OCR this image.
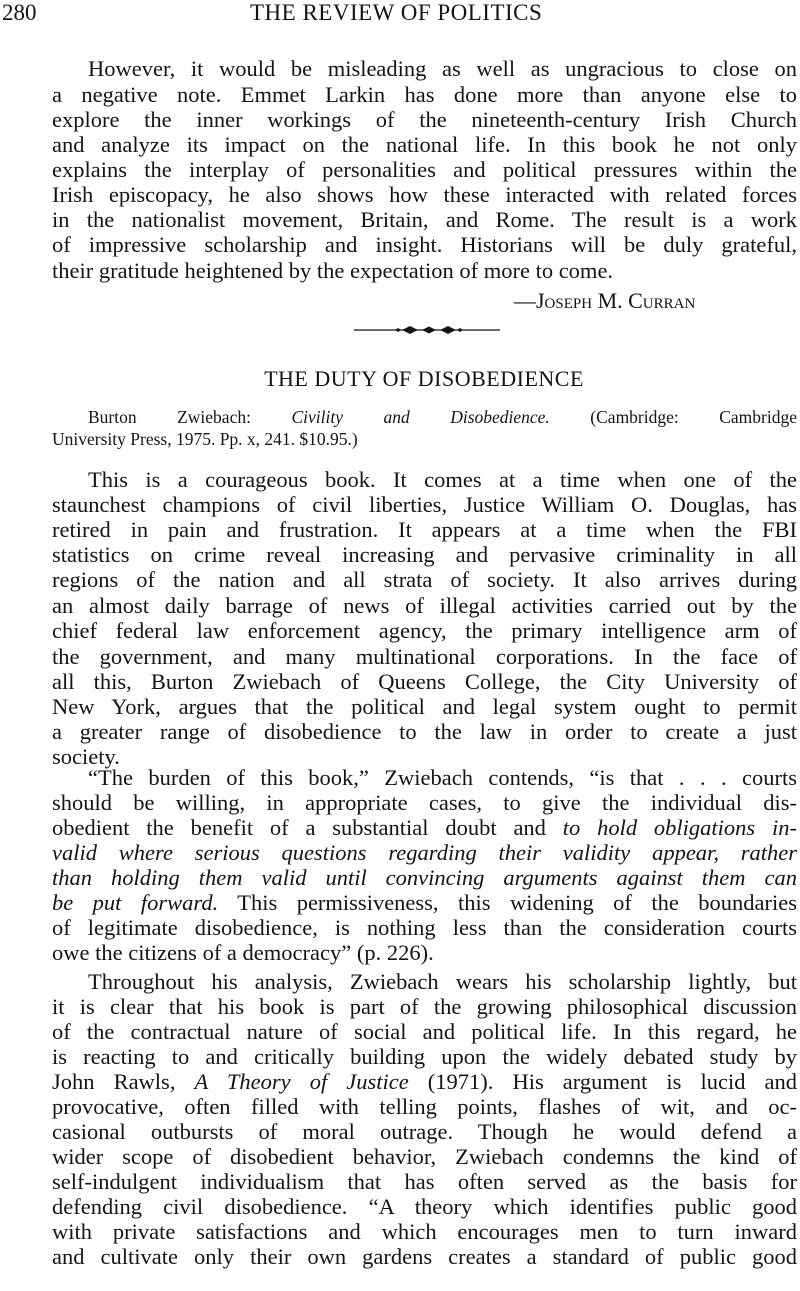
280	THE REVIEW OF POLITICS
However, it would be misleading as well as ungracious to close on
a negative note. Emmet Larkin has done more than anyone else to
explore the inner workings of the nineteenth-century Irish Church
and analyze its impact on the national life. In this book he not only
explains the interplay of personalities and political pressures within the
Irish episcopacy, he also shows how these interacted with related forces
in the nationalist movement, Britain, and Rome. The result is a work
of impressive scholarship and insight. Historians will be duly grateful,
their gratitude heightened by the expectation of more to come.
—Joseph M. Curran
THE DUTY OF DISOBEDIENCE
Burton Zwiebach: Civility and Disobedience. (Cambridge: Cambridge
University Press, 1975. Pp. x, 241. $10.95.)
This is a courageous book. It comes at a time when one of the
staunchest champions of civil liberties, Justice William O. Douglas, has
retired in pain and frustration. It appears at a time when the FBI
statistics on crime reveal increasing and pervasive criminality in all
regions of the nation and all strata of society. It also arrives during
an almost daily barrage of news of illegal activities carried out by the
chief federal law enforcement agency, the primary intelligence arm of
the government, and many multinational corporations. In the face of
all this, Burton Zwiebach of Queens College, the City University of
New York, argues that the political and legal system ought to permit
a greater range of disobedience to the law in order to create a just
society.
“The burden of this book,” Zwiebach contends, “is that . . . courts
should be willing, in appropriate cases, to give the individual dis-
obedient the benefit of a substantial doubt and to hold obligations in-
valid where serious questions regarding their validity appear, rather
than holding them valid until convincing arguments against them can
be put forward. This permissiveness, this widening of the boundaries
of legitimate disobedience, is nothing less than the consideration courts
owe the citizens of a democracy” (p. 226).
Throughout his analysis, Zwiebach wears his scholarship lightly, but
it is clear that his book is part of the growing philosophical discussion
of the contractual nature of social and political life. In this regard, he
is reacting to and critically building upon the widely debated study by
John Rawls, A Theory of Justice (1971). His argument is lucid and
provocative, often filled with telling points, flashes of wit, and oc-
casional outbursts of moral outrage. Though he would defend a
wider scope of disobedient behavior, Zwiebach condemns the kind of
self-indulgent individualism that has often served as the basis for
defending civil disobedience. “A theory which identifies public good
with private satisfactions and which encourages men to turn inward
and cultivate only their own gardens creates a standard of public good
